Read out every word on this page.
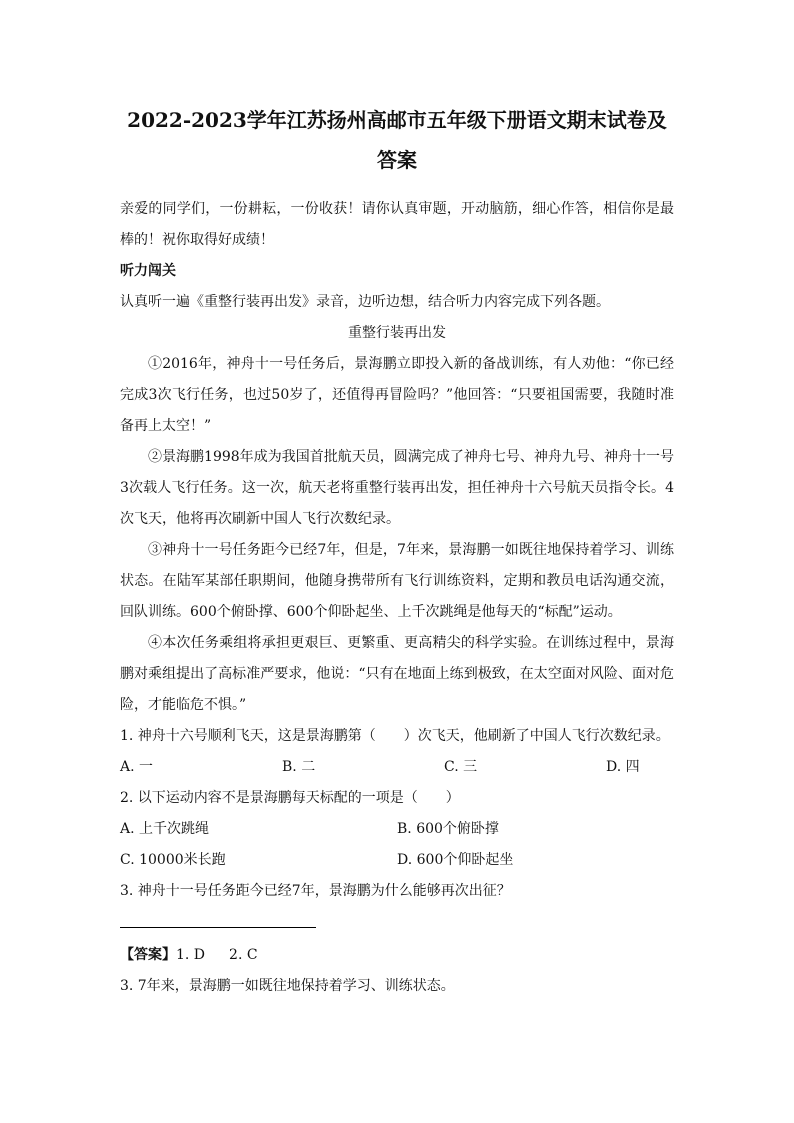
2022-2023学年江苏扬州高邮市五年级下册语文期末试卷及
答案

亲爱的同学们，一份耕耘，一份收获！请你认真审题，开动脑筋，细心作答，相信你是最棒的！祝你取得好成绩！

听力闯关

认真听一遍《重整行装再出发》录音，边听边想，结合听力内容完成下列各题。

重整行装再出发

①2016年，神舟十一号任务后，景海鹏立即投入新的备战训练，有人劝他：“你已经完成3次飞行任务，也过50岁了，还值得再冒险吗？”他回答：“只要祖国需要，我随时准备再上太空！”

②景海鹏1998年成为我国首批航天员，圆满完成了神舟七号、神舟九号、神舟十一号3次载人飞行任务。这一次，航天老将重整行装再出发，担任神舟十六号航天员指令长。4次飞天，他将再次刷新中国人飞行次数纪录。

③神舟十一号任务距今已经7年，但是，7年来，景海鹏一如既往地保持着学习、训练状态。在陆军某部任职期间，他随身携带所有飞行训练资料，定期和教员电话沟通交流，回队训练。600个俯卧撑、600个仰卧起坐、上千次跳绳是他每天的“标配”运动。

④本次任务乘组将承担更艰巨、更繁重、更高精尖的科学实验。在训练过程中，景海鹏对乘组提出了高标准严要求，他说：“只有在地面上练到极致，在太空面对风险、面对危险，才能临危不惧。”

1. 神舟十六号顺利飞天，这是景海鹏第（　　）次飞天，他刷新了中国人飞行次数纪录。

A. 一	B. 二	C. 三	D. 四

2. 以下运动内容不是景海鹏每天标配的一项是（　　）

A. 上千次跳绳	B. 600个俯卧撑
C. 10000米长跑	D. 600个仰卧起坐

3. 神舟十一号任务距今已经7年，景海鹏为什么能够再次出征？

【答案】1. D 2. C

3. 7年来，景海鹏一如既往地保持着学习、训练状态。
